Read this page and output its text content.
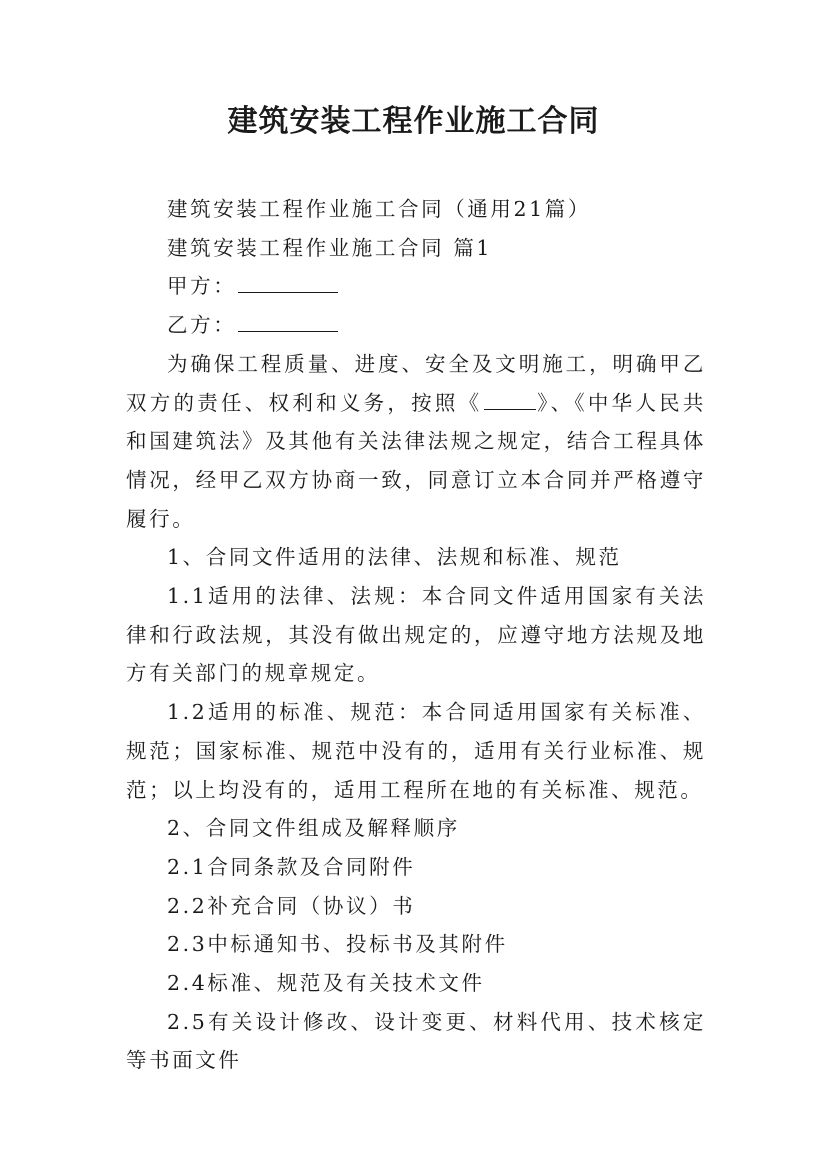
建筑安装工程作业施工合同

建筑安装工程作业施工合同（通用21篇）

建筑安装工程作业施工合同 篇1

甲方：

乙方：

为确保工程质量、进度、安全及文明施工，明确甲乙双方的责任、权利和义务，按照《	》、《中华人民共和国建筑法》及其他有关法律法规之规定，结合工程具体情况，经甲乙双方协商一致，同意订立本合同并严格遵守履行。

1、合同文件适用的法律、法规和标准、规范

1.1适用的法律、法规：本合同文件适用国家有关法律和行政法规，其没有做出规定的，应遵守地方法规及地方有关部门的规章规定。

1.2适用的标准、规范：本合同适用国家有关标准、规范；国家标准、规范中没有的，适用有关行业标准、规范；以上均没有的，适用工程所在地的有关标准、规范。

2、合同文件组成及解释顺序

2.1合同条款及合同附件

2.2补充合同（协议）书

2.3中标通知书、投标书及其附件

2.4标准、规范及有关技术文件

2.5有关设计修改、设计变更、材料代用、技术核定等书面文件
